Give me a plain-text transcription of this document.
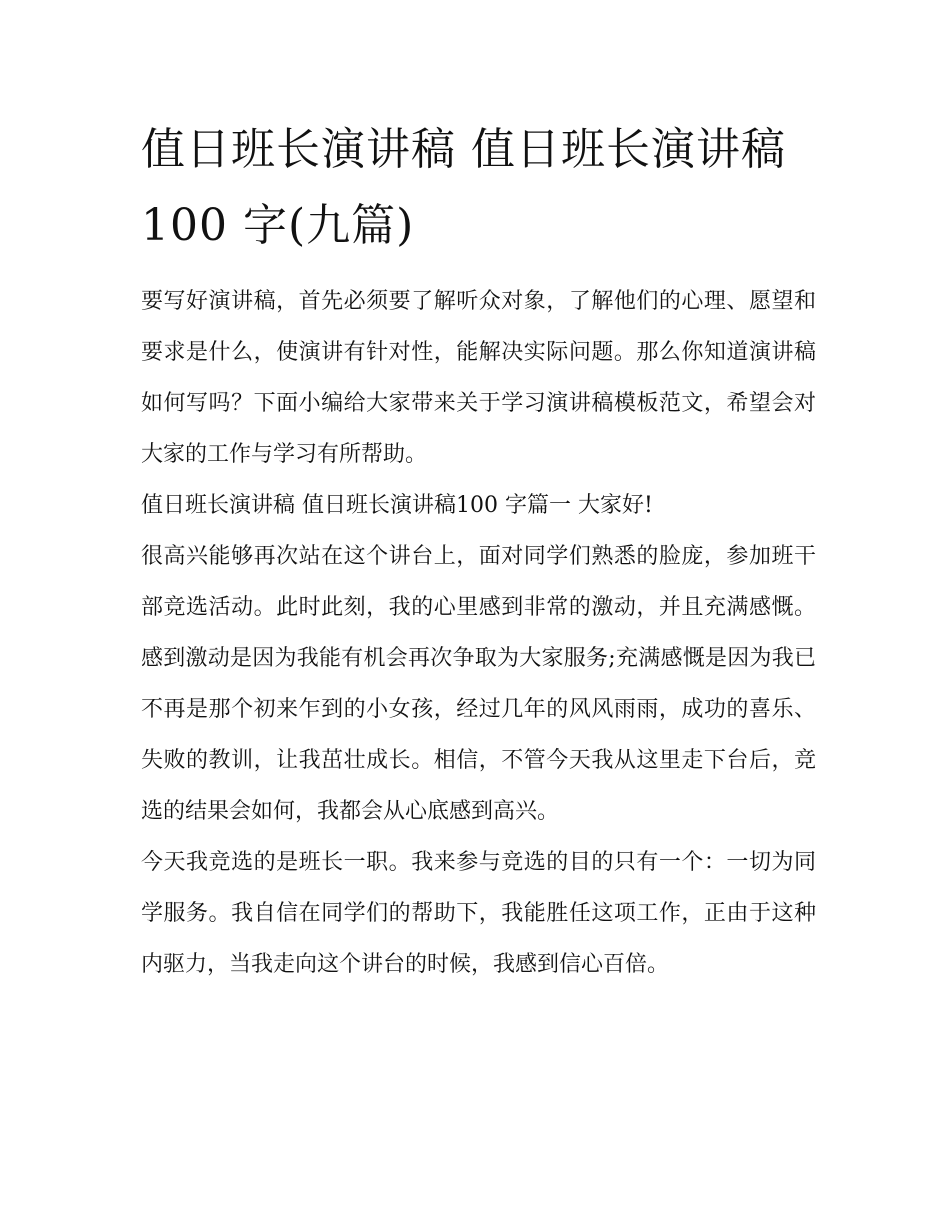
值日班长演讲稿 值日班长演讲稿100 字(九篇)

要写好演讲稿，首先必须要了解听众对象，了解他们的心理、愿望和要求是什么，使演讲有针对性，能解决实际问题。那么你知道演讲稿如何写吗？下面小编给大家带来关于学习演讲稿模板范文，希望会对大家的工作与学习有所帮助。

值日班长演讲稿 值日班长演讲稿100 字篇一 大家好!

很高兴能够再次站在这个讲台上，面对同学们熟悉的脸庞，参加班干部竞选活动。此时此刻，我的心里感到非常的激动，并且充满感慨。感到激动是因为我能有机会再次争取为大家服务;充满感慨是因为我已不再是那个初来乍到的小女孩，经过几年的风风雨雨，成功的喜乐、失败的教训，让我茁壮成长。相信，不管今天我从这里走下台后，竞选的结果会如何，我都会从心底感到高兴。

今天我竞选的是班长一职。我来参与竞选的目的只有一个：一切为同学服务。我自信在同学们的帮助下，我能胜任这项工作，正由于这种内驱力，当我走向这个讲台的时候，我感到信心百倍。
